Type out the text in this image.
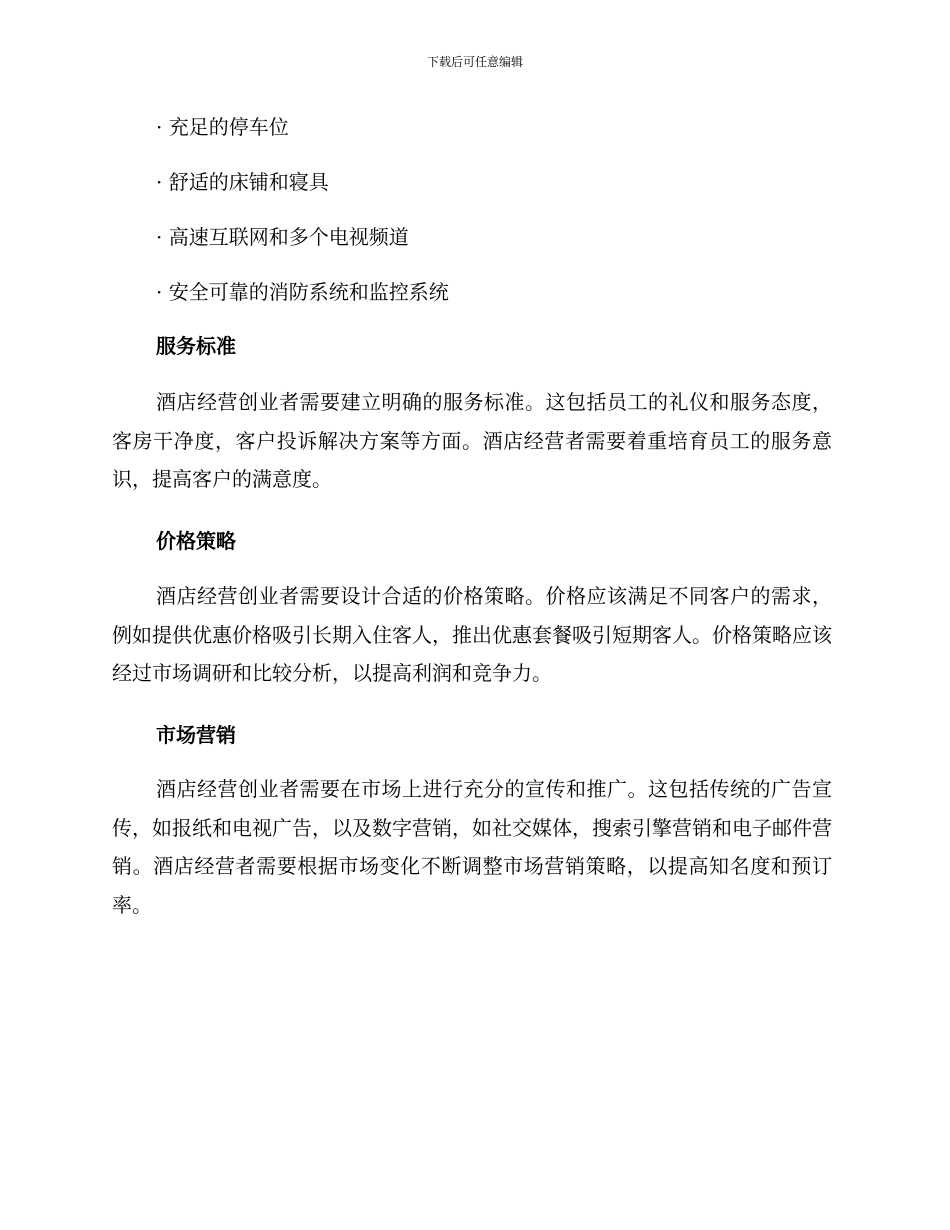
下载后可任意编辑
· 充足的停车位
· 舒适的床铺和寝具
· 高速互联网和多个电视频道
· 安全可靠的消防系统和监控系统
服务标准
酒店经营创业者需要建立明确的服务标准。这包括员工的礼仪和服务态度，客房干净度，客户投诉解决方案等方面。酒店经营者需要着重培育员工的服务意识，提高客户的满意度。
价格策略
酒店经营创业者需要设计合适的价格策略。价格应该满足不同客户的需求，例如提供优惠价格吸引长期入住客人，推出优惠套餐吸引短期客人。价格策略应该经过市场调研和比较分析，以提高利润和竞争力。
市场营销
酒店经营创业者需要在市场上进行充分的宣传和推广。这包括传统的广告宣传，如报纸和电视广告，以及数字营销，如社交媒体，搜索引擎营销和电子邮件营销。酒店经营者需要根据市场变化不断调整市场营销策略，以提高知名度和预订率。
